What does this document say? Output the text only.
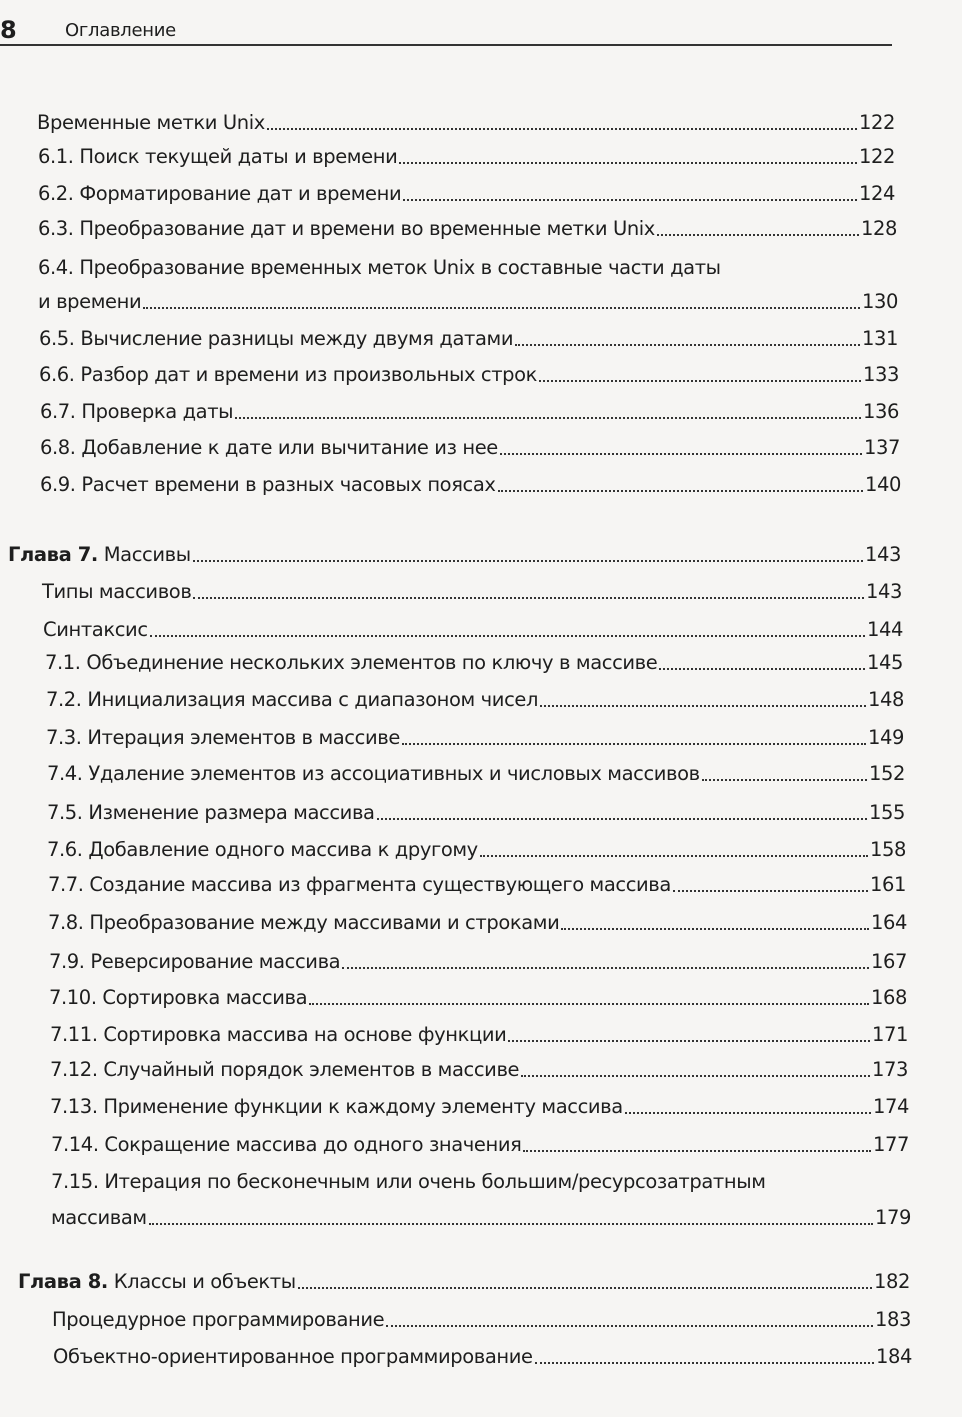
8	Оглавление
Временные метки Unix	122
6.1. Поиск текущей даты и времени	122
6.2. Форматирование дат и времени	124
6.3. Преобразование дат и времени во временные метки Unix	128
6.4. Преобразование временных меток Unix в составные части даты
и времени	130
6.5. Вычисление разницы между двумя датами	131
6.6. Разбор дат и времени из произвольных строк	133
6.7. Проверка даты	136
6.8. Добавление к дате или вычитание из нее	137
6.9. Расчет времени в разных часовых поясах	140
Глава 7. Массивы	143
Типы массивов	143
Синтаксис	144
7.1. Объединение нескольких элементов по ключу в массиве	145
7.2. Инициализация массива с диапазоном чисел	148
7.3. Итерация элементов в массиве	149
7.4. Удаление элементов из ассоциативных и числовых массивов	152
7.5. Изменение размера массива	155
7.6. Добавление одного массива к другому	158
7.7. Создание массива из фрагмента существующего массива	161
7.8. Преобразование между массивами и строками	164
7.9. Реверсирование массива	167
7.10. Сортировка массива	168
7.11. Сортировка массива на основе функции	171
7.12. Случайный порядок элементов в массиве	173
7.13. Применение функции к каждому элементу массива	174
7.14. Сокращение массива до одного значения	177
7.15. Итерация по бесконечным или очень большим/ресурсозатратным
массивам	179
Глава 8. Классы и объекты	182
Процедурное программирование	183
Объектно-ориентированное программирование	184
